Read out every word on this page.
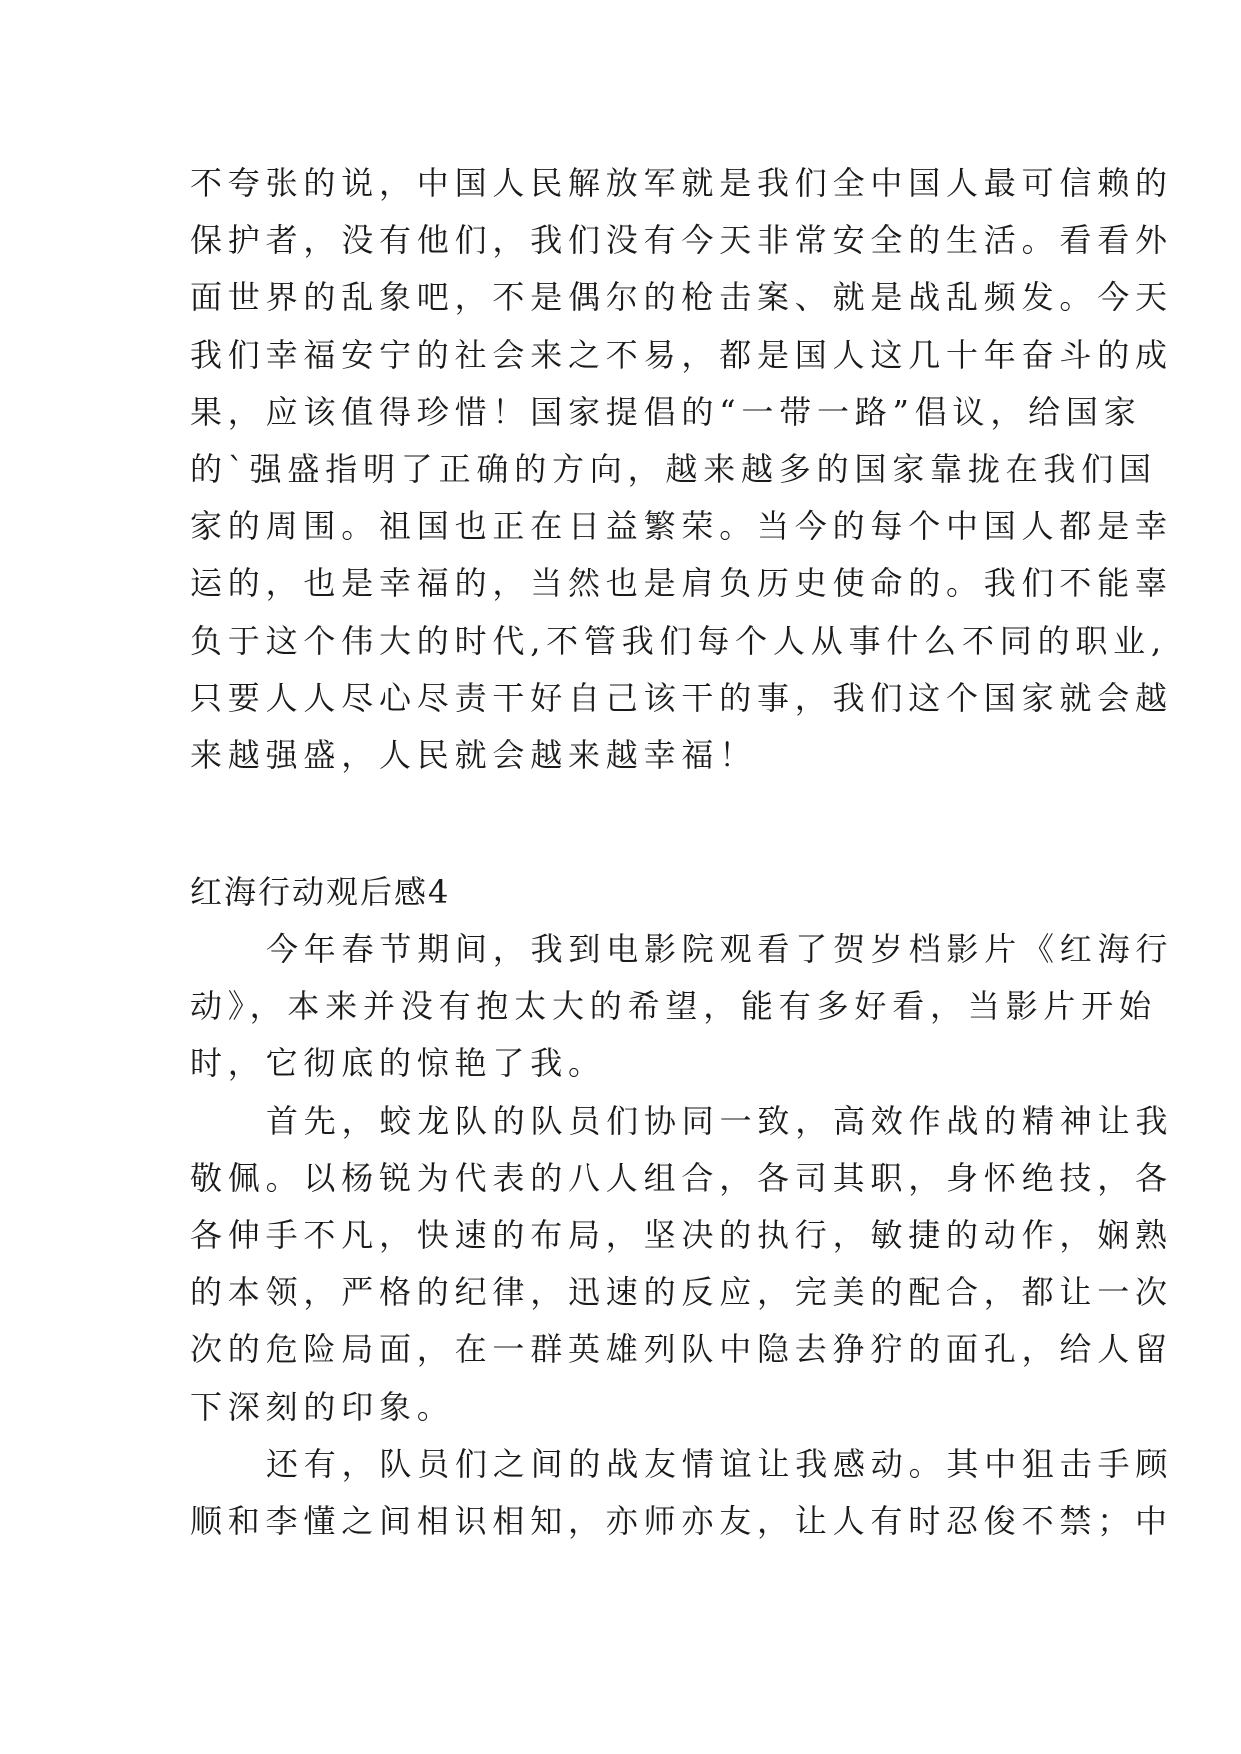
不夸张的说，中国人民解放军就是我们全中国人最可信赖的
保护者，没有他们，我们没有今天非常安全的生活。看看外
面世界的乱象吧，不是偶尔的枪击案、就是战乱频发。今天
我们幸福安宁的社会来之不易，都是国人这几十年奋斗的成
果，应该值得珍惜！国家提倡的“一带一路”倡议，给国家
的`强盛指明了正确的方向，越来越多的国家靠拢在我们国
家的周围。祖国也正在日益繁荣。当今的每个中国人都是幸
运的，也是幸福的，当然也是肩负历史使命的。我们不能辜
负于这个伟大的时代,不管我们每个人从事什么不同的职业,
只要人人尽心尽责干好自己该干的事，我们这个国家就会越
来越强盛，人民就会越来越幸福！
红海行动观后感4
今年春节期间，我到电影院观看了贺岁档影片《红海行
动》，本来并没有抱太大的希望，能有多好看，当影片开始
时，它彻底的惊艳了我。
首先，蛟龙队的队员们协同一致，高效作战的精神让我
敬佩。以杨锐为代表的八人组合，各司其职，身怀绝技，各
各伸手不凡，快速的布局，坚决的执行，敏捷的动作，娴熟
的本领，严格的纪律，迅速的反应，完美的配合，都让一次
次的危险局面，在一群英雄列队中隐去狰狞的面孔，给人留
下深刻的印象。
还有，队员们之间的战友情谊让我感动。其中狙击手顾
顺和李懂之间相识相知，亦师亦友，让人有时忍俊不禁；中
